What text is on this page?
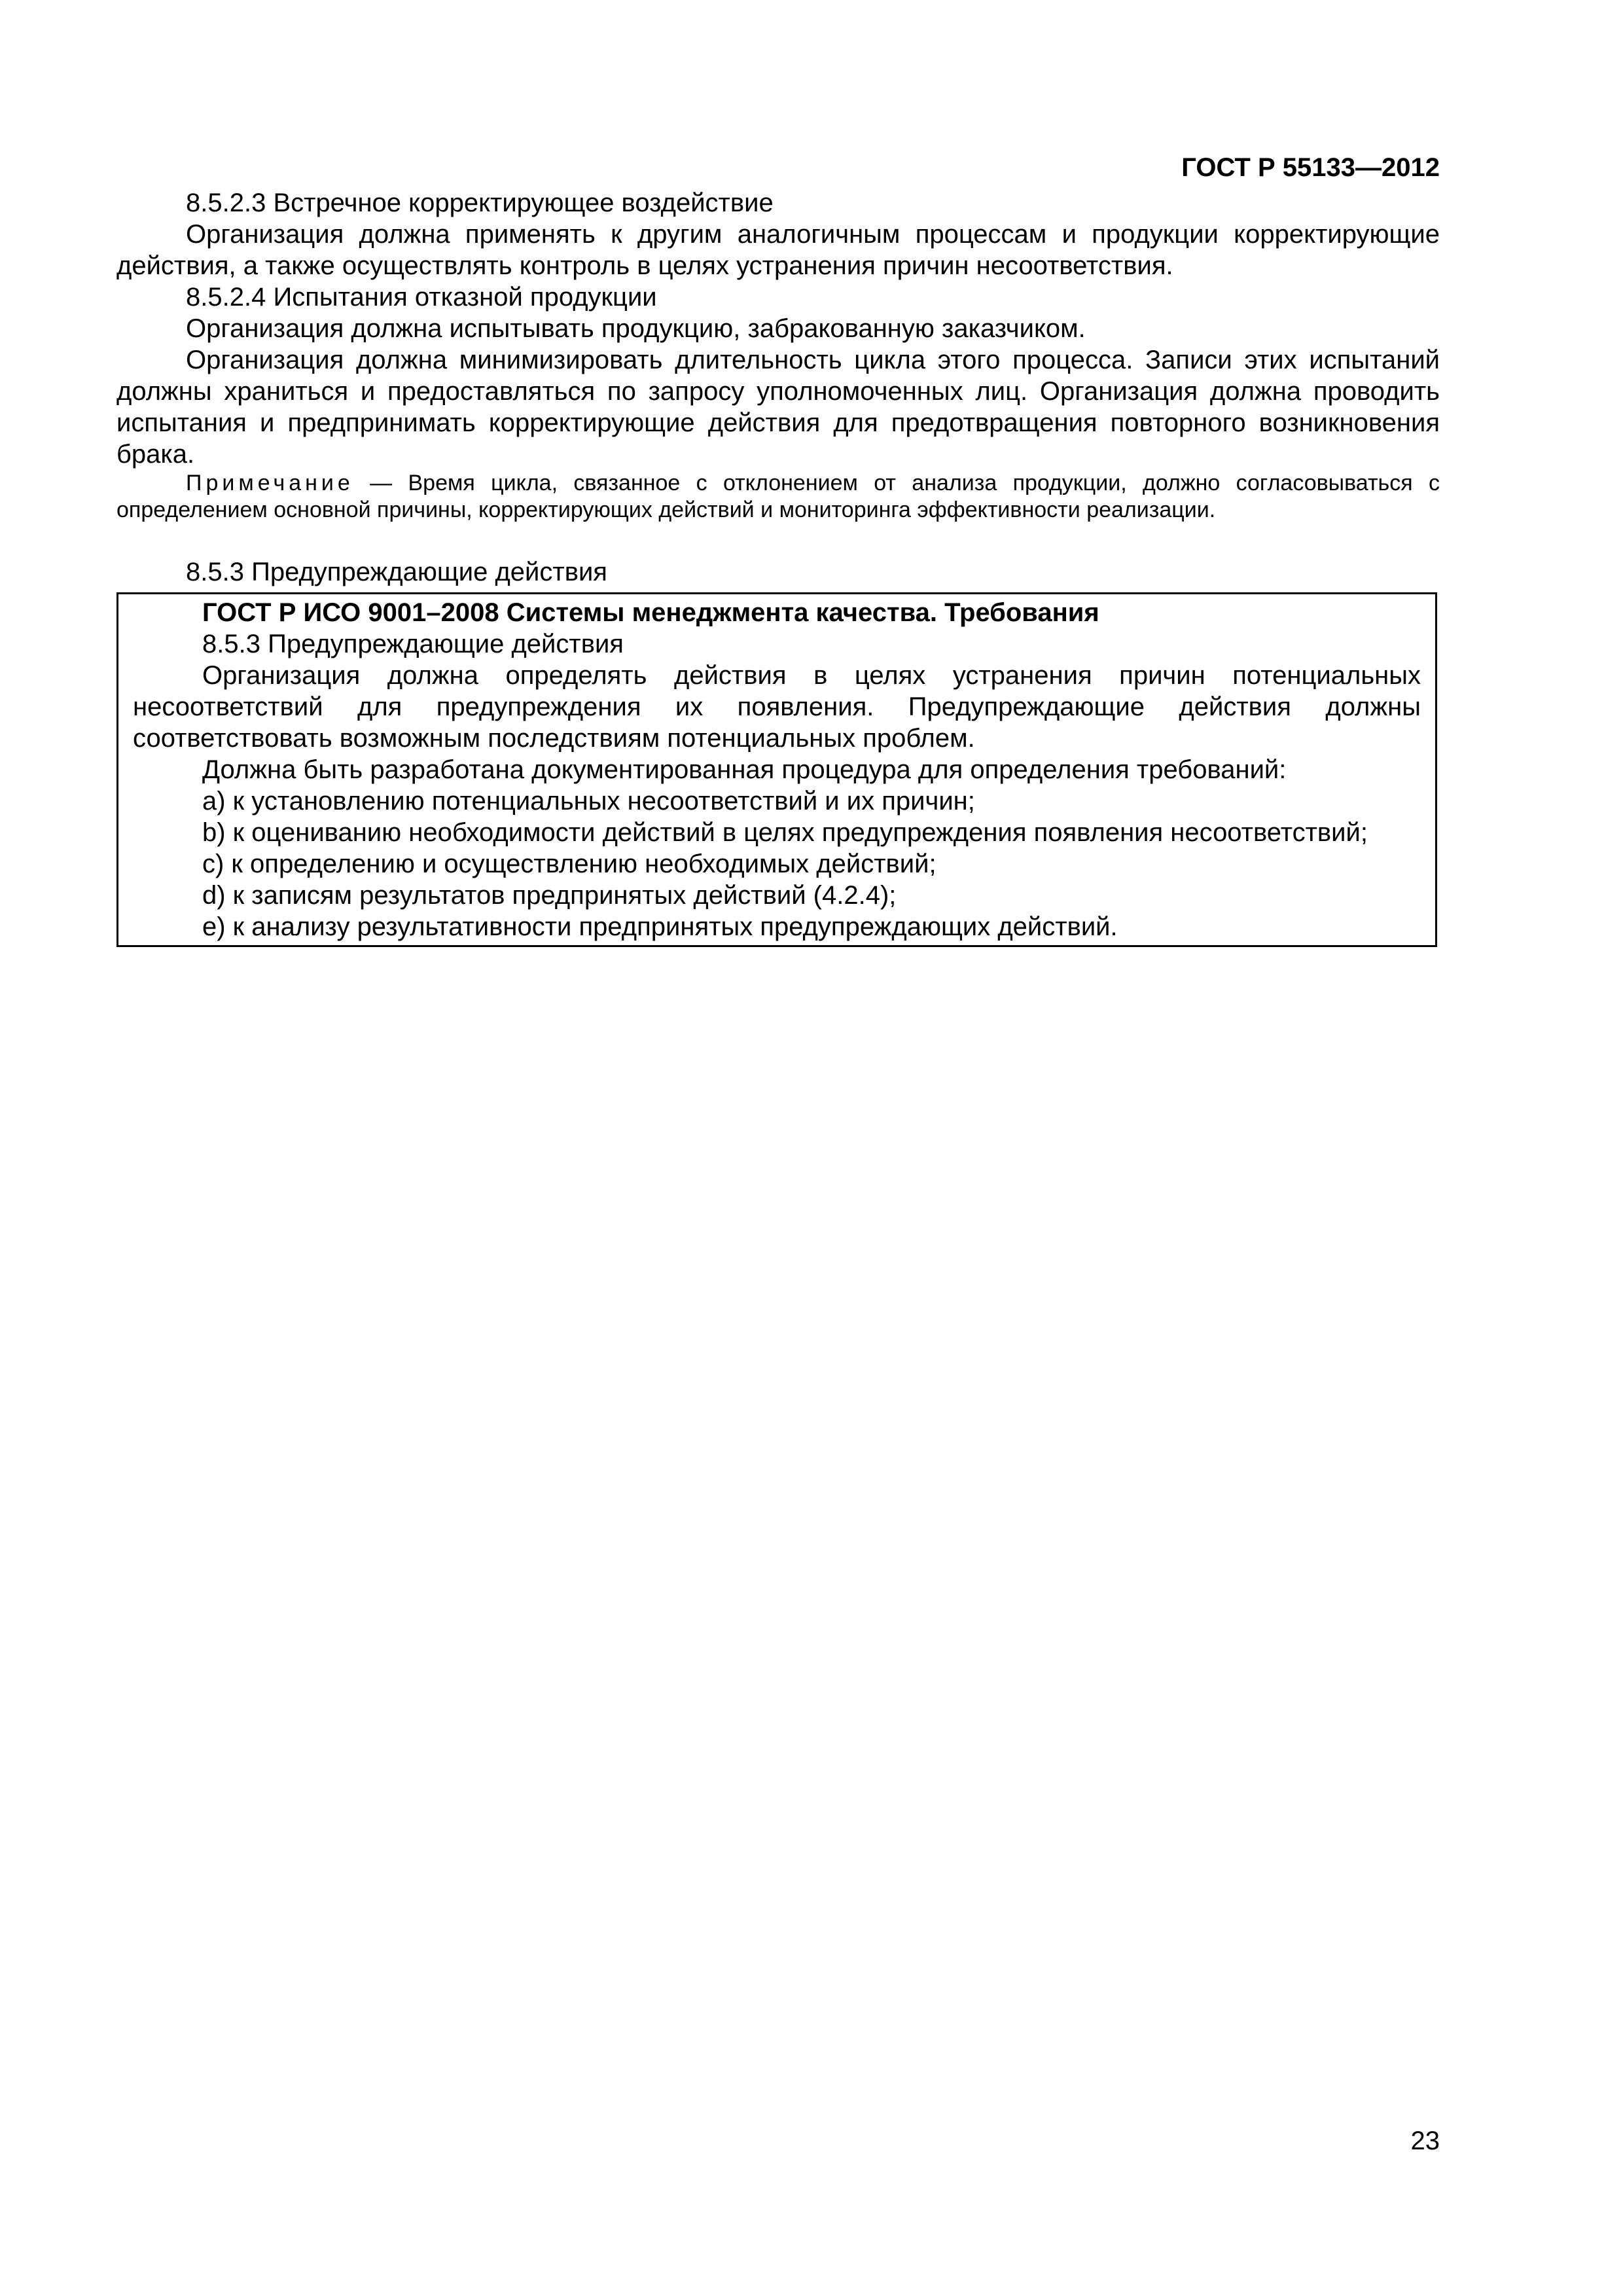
ГОСТ Р 55133—2012

8.5.2.3 Встречное корректирующее воздействие

Организация должна применять к другим аналогичным процессам и продукции корректирующие действия, а также осуществлять контроль в целях устранения причин несоответствия.

8.5.2.4 Испытания отказной продукции

Организация должна испытывать продукцию, забракованную заказчиком.

Организация должна минимизировать длительность цикла этого процесса. Записи этих испытаний должны храниться и предоставляться по запросу уполномоченных лиц. Организация должна проводить испытания и предпринимать корректирующие действия для предотвращения повторного возникновения брака.

Примечание — Время цикла, связанное с отклонением от анализа продукции, должно согласовываться с определением основной причины, корректирующих действий и мониторинга эффективности реализации.

8.5.3 Предупреждающие действия

ГОСТ Р ИСО 9001–2008 Системы менеджмента качества. Требования

8.5.3 Предупреждающие действия

Организация должна определять действия в целях устранения причин потенциальных несоответствий для предупреждения их появления. Предупреждающие действия должны соответствовать возможным последствиям потенциальных проблем.

Должна быть разработана документированная процедура для определения требований:

a) к установлению потенциальных несоответствий и их причин;

b) к оцениванию необходимости действий в целях предупреждения появления несоответствий;

c) к определению и осуществлению необходимых действий;

d) к записям результатов предпринятых действий (4.2.4);

e) к анализу результативности предпринятых предупреждающих действий.

23
